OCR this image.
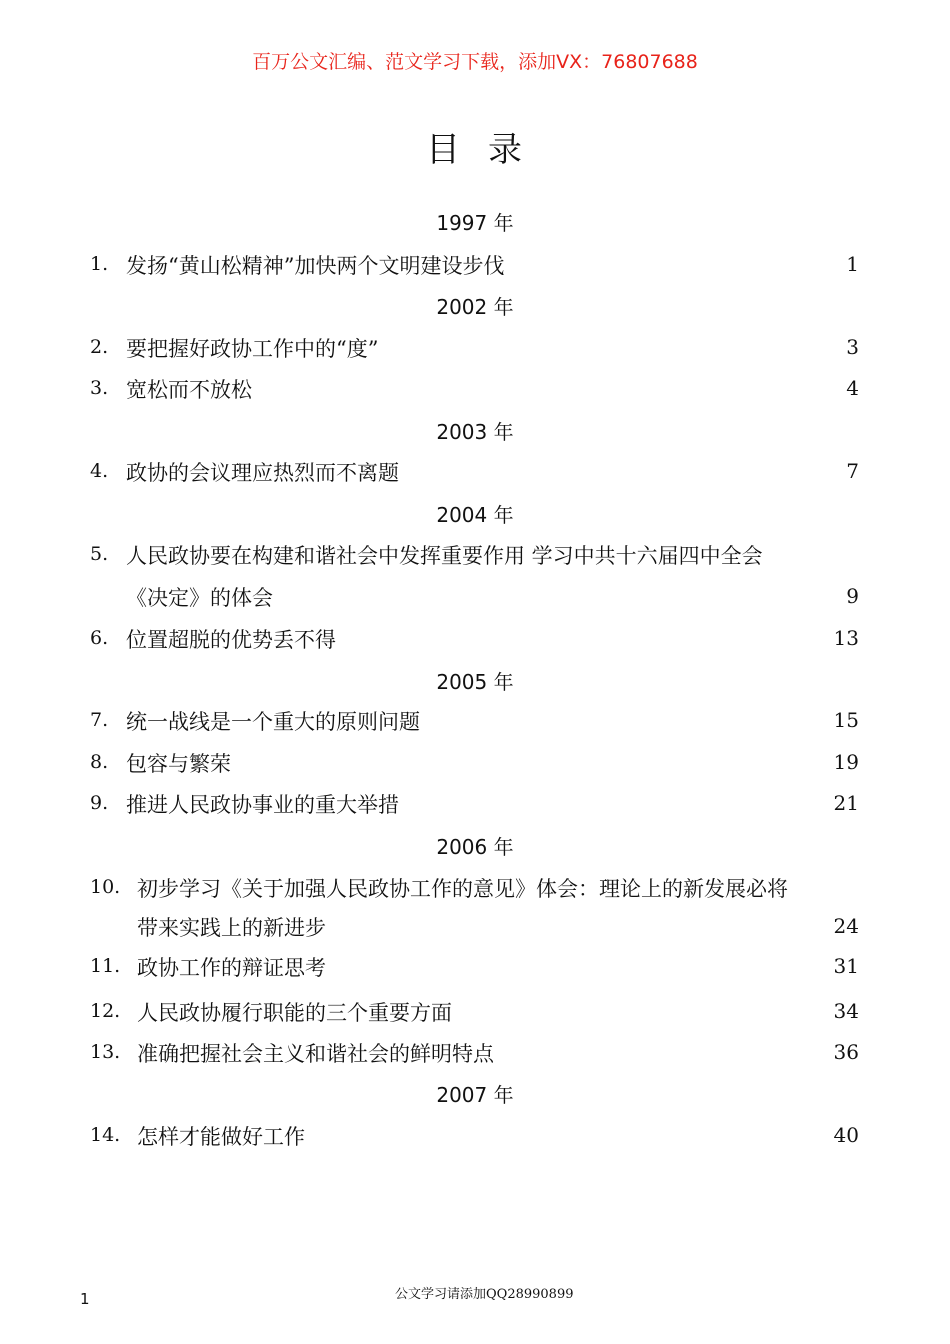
百万公文汇编、范文学习下载，添加VX：76807688
目 录
1997 年
2002 年
2003 年
2004 年
2005 年
2006 年
2007 年
1. 发扬“黄山松精神”加快两个文明建设步伐	1
2. 要把握好政协工作中的“度”	3
3. 宽松而不放松	4
4. 政协的会议理应热烈而不离题	7
5. 人民政协要在构建和谐社会中发挥重要作用 学习中共十六届四中全会
《决定》的体会	9
6. 位置超脱的优势丢不得	13
7. 统一战线是一个重大的原则问题	15
8. 包容与繁荣	19
9. 推进人民政协事业的重大举措	21
10. 初步学习《关于加强人民政协工作的意见》体会：理论上的新发展必将
带来实践上的新进步	24
11. 政协工作的辩证思考	31
12. 人民政协履行职能的三个重要方面	34
13. 准确把握社会主义和谐社会的鲜明特点	36
14. 怎样才能做好工作	40
1	公文学习请添加QQ28990899
